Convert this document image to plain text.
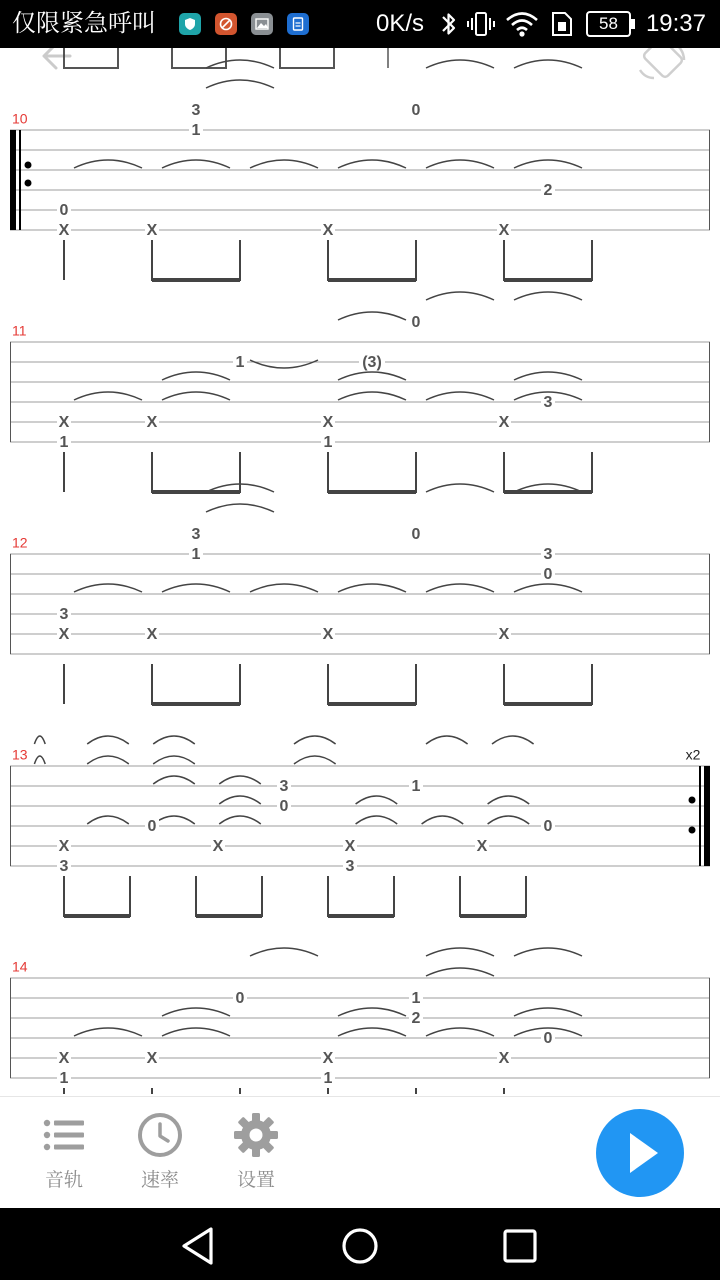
仅限紧急呼叫	0K/s	58	19:37
10	3
1
0
2
0
X	X	X	X
11	0
1	(3)
3
X	X	X	X
1	1
12	3	0
1	3
0
3
X	X	X	X
13	x2
3	1
0
0	0
X	X	X	X
3	3
14
0	1
2
0
X	X	X	X
1	1
音轨	速率	设置
